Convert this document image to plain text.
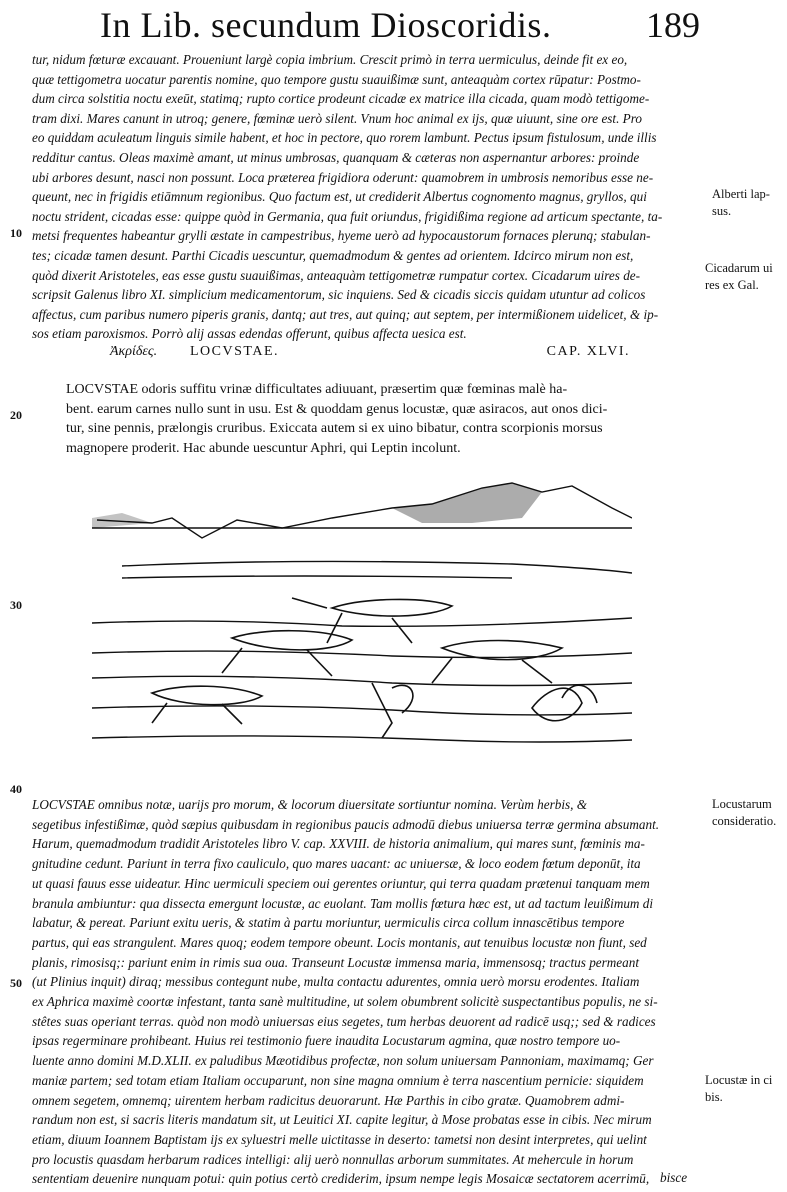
In Lib. secundum Dioscoridis.	189
tur, nidum fœturæ excauant. Proueniunt largè copia imbrium. Crescit primò in terra uermiculus, deinde fit ex eo,
quæ tettigometra uocatur parentis nomine, quo tempore gustu suauißimæ sunt, anteaquàm cortex rūpatur: Postmo-
dum circa solstitia noctu exeūt, statimq; rupto cortice prodeunt cicadæ ex matrice illa cicada, quam modò tettigome-
tram dixi. Mares canunt in utroq; genere, fœminæ uerò silent. Vnum hoc animal ex ijs, quæ uiuunt, sine ore est. Pro
eo quiddam aculeatum linguis simile habent, et hoc in pectore, quo rorem lambunt. Pectus ipsum fistulosum, unde illis
redditur cantus. Oleas maximè amant, ut minus umbrosas, quanquam & cæteras non aspernantur arbores: proinde
ubi arbores desunt, nasci non possunt. Loca præterea frigidiora oderunt: quamobrem in umbrosis nemoribus esse ne-
queunt, nec in frigidis etiāmnum regionibus. Quo factum est, ut crediderit Albertus cognomento magnus, gryllos, qui
noctu strident, cicadas esse: quippe quòd in Germania, qua fuit oriundus, frigidißima regione ad articum spectante, ta-
metsi frequentes habeantur grylli æstate in campestribus, hyeme uerò ad hypocaustorum fornaces plerunq; stabulan-
tes; cicadæ tamen desunt. Parthi Cicadis uescuntur, quemadmodum & gentes ad orientem. Idcirco mirum non est,
quòd dixerit Aristoteles, eas esse gustu suauißimas, anteaquàm tettigometræ rumpatur cortex. Cicadarum uires de-
scripsit Galenus libro XI. simplicium medicamentorum, sic inquiens. Sed & cicadis siccis quidam utuntur ad colicos
affectus, cum paribus numero piperis granis, dantq; aut tres, aut quinq; aut septem, per intermißionem uidelicet, & ip-
sos etiam paroxismos. Porrò alij assas edendas offerunt, quibus affecta uesica est.
Ἀκρίδες. LOCVSTAE.	CAP. XLVI.
LOCVSTAE odoris suffitu vrinæ difficultates adiuuant, præsertim quæ fœminas malè ha-
bent. earum carnes nullo sunt in usu. Est & quoddam genus locustæ, quæ asiracos, aut onos dici-
tur, sine pennis, prælongis cruribus. Exiccata autem si ex uino bibatur, contra scorpionis morsus
magnopere proderit. Hac abunde uescuntur Aphri, qui Leptin incolunt.
10
20
30
40
50
LOCVSTAE omnibus notæ, uarijs pro morum, & locorum diuersitate sortiuntur nomina. Verùm herbis, &
segetibus infestißimæ, quòd sæpius quibusdam in regionibus paucis admodū diebus uniuersa terræ germina absumant.
Harum, quemadmodum tradidit Aristoteles libro V. cap. XXVIII. de historia animalium, qui mares sunt, fœminis ma-
gnitudine cedunt. Pariunt in terra fixo cauliculo, quo mares uacant: ac uniuersæ, & loco eodem fœtum deponūt, ita
ut quasi fauus esse uideatur. Hinc uermiculi speciem oui gerentes oriuntur, qui terra quadam prætenui tanquam mem
branula ambiuntur: qua dissecta emergunt locustæ, ac euolant. Tam mollis fœtura hæc est, ut ad tactum leuißimum di
labatur, & pereat. Pariunt exitu ueris, & statim à partu moriuntur, uermiculis circa collum innascētibus tempore
partus, qui eas strangulent. Mares quoq; eodem tempore obeunt. Locis montanis, aut tenuibus locustæ non fiunt, sed
planis, rimosisq;: pariunt enim in rimis sua oua. Transeunt Locustæ immensa maria, immensosq; tractus permeant
(ut Plinius inquit) diraq; messibus contegunt nube, multa contactu adurentes, omnia uerò morsu erodentes. Italiam
ex Aphrica maximè coortæ infestant, tanta sanè multitudine, ut solem obumbrent solicitè suspectantibus populis, ne si-
stêtes suas operiant terras. quòd non modò uniuersas eius segetes, tum herbas deuorent ad radicē usq;; sed & radices
ipsas regerminare prohibeant. Huius rei testimonio fuere inaudita Locustarum agmina, quæ nostro tempore uo-
luente anno domini M.D.XLII. ex paludibus Mæotidibus profectæ, non solum uniuersam Pannoniam, maximamq; Ger
maniæ partem; sed totam etiam Italiam occuparunt, non sine magna omnium è terra nascentium pernicie: siquidem
omnem segetem, omnemq; uirentem herbam radicitus deuorarunt. Hæ Parthis in cibo gratæ. Quamobrem admi-
randum non est, si sacris literis mandatum sit, ut Leuitici XI. capite legitur, à Mose probatas esse in cibis. Nec mirum
etiam, diuum Ioannem Baptistam ijs ex syluestri melle uictitasse in deserto: tametsi non desint interpretes, qui uelint
pro locustis quasdam herbarum radices intelligi: alij uerò nonnullas arborum summitates. At mehercule in horum
sententiam deuenire nunquam potui: quin potius certò crediderim, ipsum nempe legis Mosaicæ sectatorem acerrimū, bisce
Alberti lap-
sus.
Cicadarum ui
res ex Gal.
Locustarum
consideratio.
Locustæ in ci
bis.
